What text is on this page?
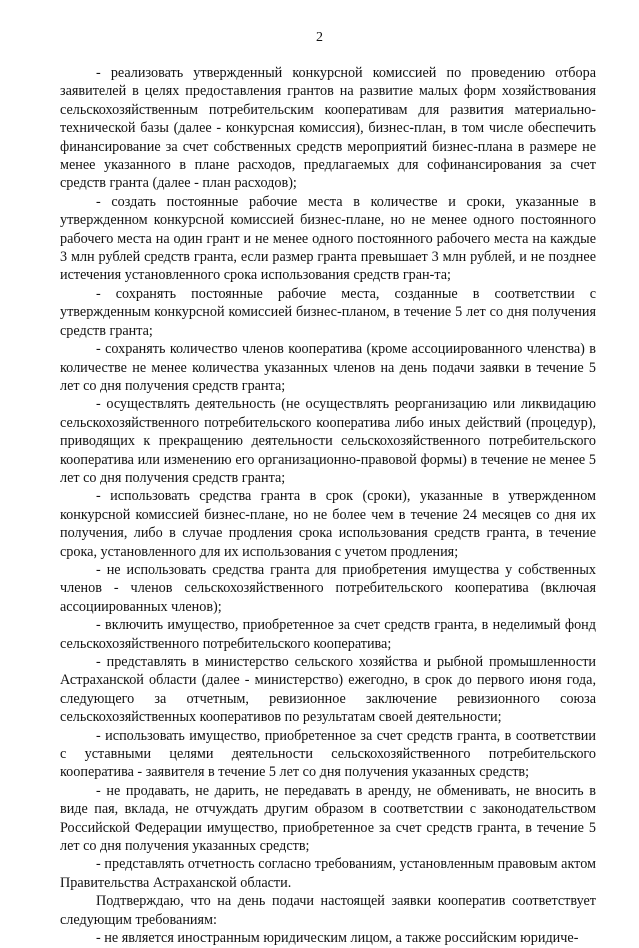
2

- реализовать утвержденный конкурсной комиссией по проведению отбора заявителей в целях предоставления грантов на развитие малых форм хозяйствования сельскохозяйственным потребительским кооперативам для развития материально-технической базы (далее - конкурсная комиссия), бизнес-план, в том числе обеспечить финансирование за счет собственных средств мероприятий бизнес-плана в размере не менее указанного в плане расходов, предлагаемых для софинансирования за счет средств гранта (далее - план расходов);

- создать постоянные рабочие места в количестве и сроки, указанные в утвержденном конкурсной комиссией бизнес-плане, но не менее одного постоянного рабочего места на один грант и не менее одного постоянного рабочего места на каждые 3 млн рублей средств гранта, если размер гранта превышает 3 млн рублей, и не позднее истечения установленного срока использования средств гран-та;

- сохранять постоянные рабочие места, созданные в соответствии с утвержденным конкурсной комиссией бизнес-планом, в течение 5 лет со дня получения средств гранта;

- сохранять количество членов кооператива (кроме ассоциированного членства) в количестве не менее количества указанных членов на день подачи заявки в течение 5 лет со дня получения средств гранта;

- осуществлять деятельность (не осуществлять реорганизацию или ликвидацию сельскохозяйственного потребительского кооператива либо иных действий (процедур), приводящих к прекращению деятельности сельскохозяйственного потребительского кооператива или изменению его организационно-правовой формы) в течение не менее 5 лет со дня получения средств гранта;

- использовать средства гранта в срок (сроки), указанные в утвержденном конкурсной комиссией бизнес-плане, но не более чем в течение 24 месяцев со дня их получения, либо в случае продления срока использования средств гранта, в течение срока, установленного для их использования с учетом продления;

- не использовать средства гранта для приобретения имущества у собственных членов - членов сельскохозяйственного потребительского кооператива (включая ассоциированных членов);

- включить имущество, приобретенное за счет средств гранта, в неделимый фонд сельскохозяйственного потребительского кооператива;

- представлять в министерство сельского хозяйства и рыбной промышленности Астраханской области (далее - министерство) ежегодно, в срок до первого июня года, следующего за отчетным, ревизионное заключение ревизионного союза сельскохозяйственных кооперативов по результатам своей деятельности;

- использовать имущество, приобретенное за счет средств гранта, в соответствии с уставными целями деятельности сельскохозяйственного потребительского кооператива - заявителя в течение 5 лет со дня получения указанных средств;

- не продавать, не дарить, не передавать в аренду, не обменивать, не вносить в виде пая, вклада, не отчуждать другим образом в соответствии с законодательством Российской Федерации имущество, приобретенное за счет средств гранта, в течение 5 лет со дня получения указанных средств;

- представлять отчетность согласно требованиям, установленным правовым актом Правительства Астраханской области.

Подтверждаю, что на день подачи настоящей заявки кооператив соответствует следующим требованиям:

- не является иностранным юридическим лицом, а также российским юридиче-
